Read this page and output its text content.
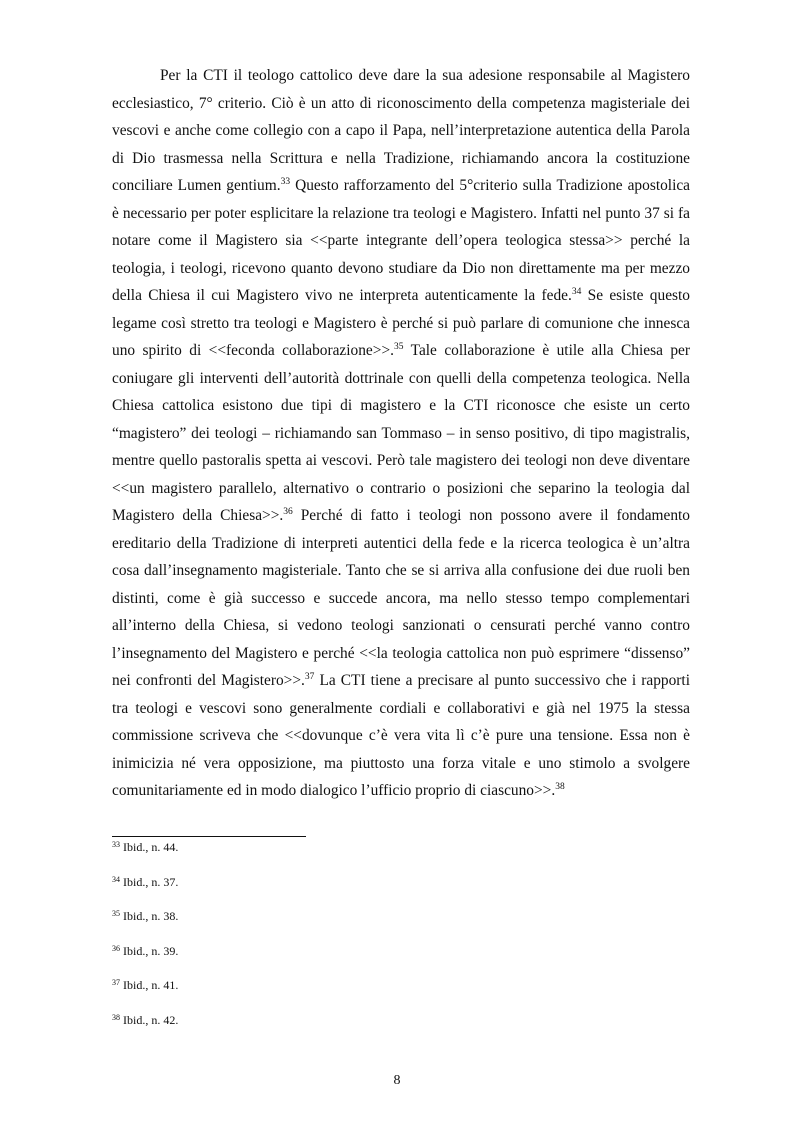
Per la CTI il teologo cattolico deve dare la sua adesione responsabile al Magistero ecclesiastico, 7° criterio. Ciò è un atto di riconoscimento della competenza magisteriale dei vescovi e anche come collegio con a capo il Papa, nell’interpretazione autentica della Parola di Dio trasmessa nella Scrittura e nella Tradizione, richiamando ancora la costituzione conciliare Lumen gentium.$^{33}$ Questo rafforzamento del 5°criterio sulla Tradizione apostolica è necessario per poter esplicitare la relazione tra teologi e Magistero. Infatti nel punto 37 si fa notare come il Magistero sia <<parte integrante dell’opera teologica stessa>> perché la teologia, i teologi, ricevono quanto devono studiare da Dio non direttamente ma per mezzo della Chiesa il cui Magistero vivo ne interpreta autenticamente la fede.$^{34}$ Se esiste questo legame così stretto tra teologi e Magistero è perché si può parlare di comunione che innesca uno spirito di <<feconda collaborazione>>.$^{35}$ Tale collaborazione è utile alla Chiesa per coniugare gli interventi dell’autorità dottrinale con quelli della competenza teologica. Nella Chiesa cattolica esistono due tipi di magistero e la CTI riconosce che esiste un certo “magistero” dei teologi – richiamando san Tommaso – in senso positivo, di tipo magistralis, mentre quello pastoralis spetta ai vescovi. Però tale magistero dei teologi non deve diventare <<un magistero parallelo, alternativo o contrario o posizioni che separino la teologia dal Magistero della Chiesa>>.$^{36}$ Perché di fatto i teologi non possono avere il fondamento ereditario della Tradizione di interpreti autentici della fede e la ricerca teologica è un’altra cosa dall’insegnamento magisteriale. Tanto che se si arriva alla confusione dei due ruoli ben distinti, come è già successo e succede ancora, ma nello stesso tempo complementari all’interno della Chiesa, si vedono teologi sanzionati o censurati perché vanno contro l’insegnamento del Magistero e perché <<la teologia cattolica non può esprimere “dissenso” nei confronti del Magistero>>.$^{37}$ La CTI tiene a precisare al punto successivo che i rapporti tra teologi e vescovi sono generalmente cordiali e collaborativi e già nel 1975 la stessa commissione scriveva che <<dovunque c’è vera vita lì c’è pure una tensione. Essa non è inimicizia né vera opposizione, ma piuttosto una forza vitale e uno stimolo a svolgere comunitariamente ed in modo dialogico l’ufficio proprio di ciascuno>>.$^{38}$

$^{33}$ Ibid., n. 44.
$^{34}$ Ibid., n. 37.
$^{35}$ Ibid., n. 38.
$^{36}$ Ibid., n. 39.
$^{37}$ Ibid., n. 41.
$^{38}$ Ibid., n. 42.
8
